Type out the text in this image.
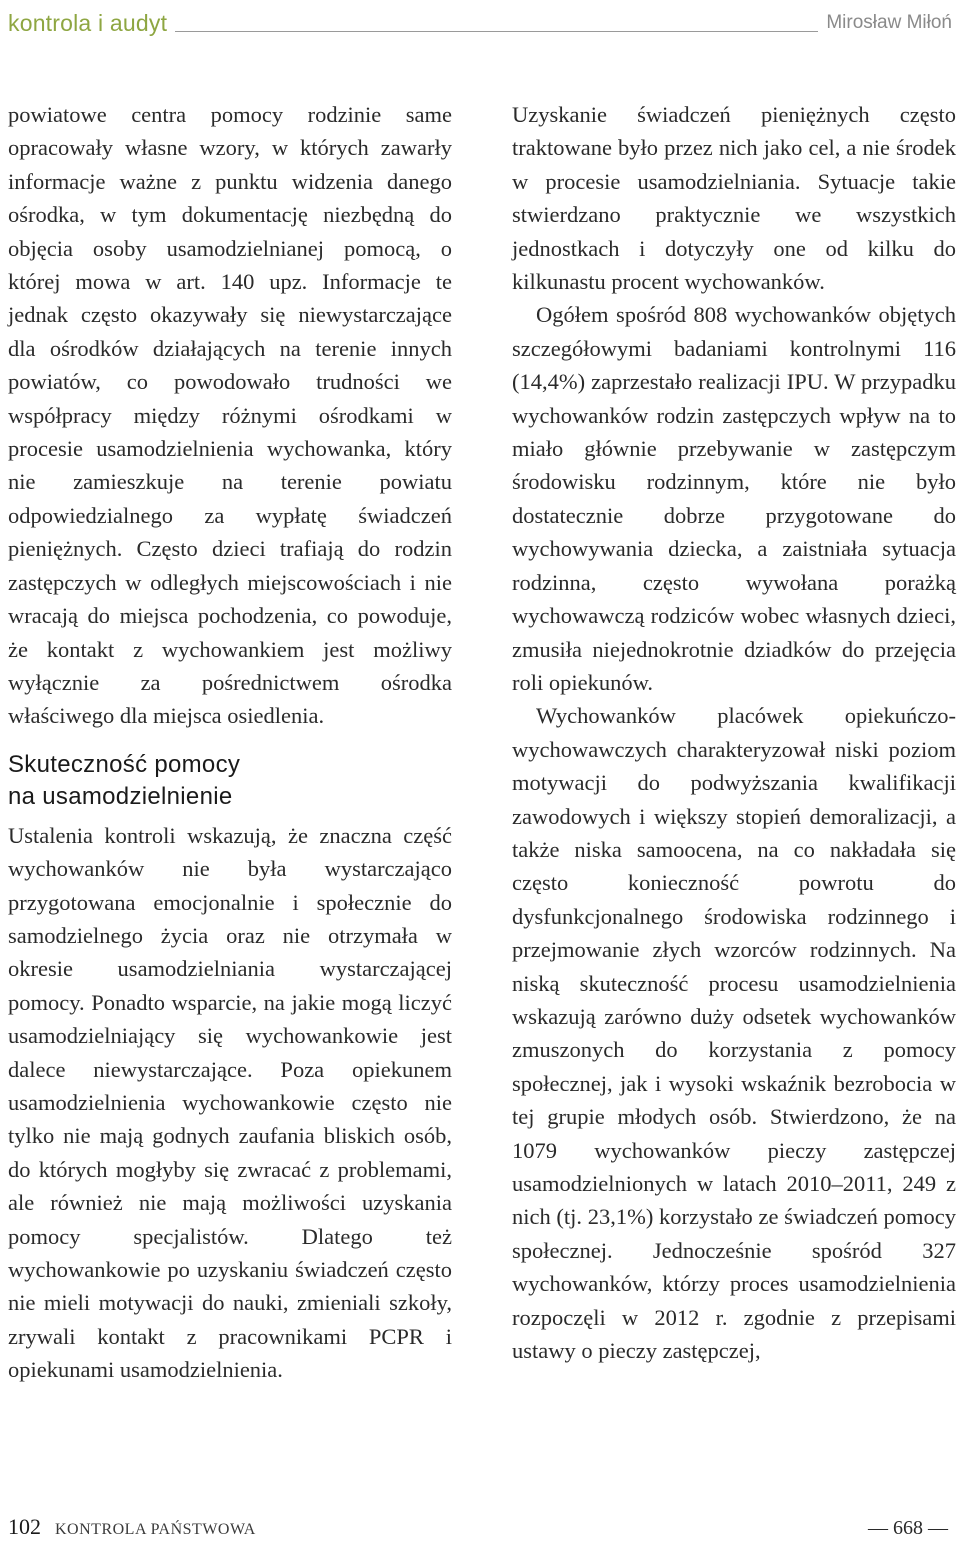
kontrola i audyt	Mirosław Miłoń

powiatowe centra pomocy rodzinie same opracowały własne wzory, w których zawarły informacje ważne z punktu widzenia danego ośrodka, w tym dokumentację niezbędną do objęcia osoby usamodzielnianej pomocą, o której mowa w art. 140 upz. Informacje te jednak często okazywały się niewystarczające dla ośrodków działających na terenie innych powiatów, co powodowało trudności we współpracy między różnymi ośrodkami w procesie usamodzielnienia wychowanka, który nie zamieszkuje na terenie powiatu odpowiedzialnego za wypłatę świadczeń pieniężnych. Często dzieci trafiają do rodzin zastępczych w odległych miejscowościach i nie wracają do miejsca pochodzenia, co powoduje, że kontakt z wychowankiem jest możliwy wyłącznie za pośrednictwem ośrodka właściwego dla miejsca osiedlenia.

Skuteczność pomocy
na usamodzielnienie

Ustalenia kontroli wskazują, że znaczna część wychowanków nie była wystarczająco przygotowana emocjonalnie i społecznie do samodzielnego życia oraz nie otrzymała w okresie usamodzielniania wystarczającej pomocy. Ponadto wsparcie, na jakie mogą liczyć usamodzielniający się wychowankowie jest dalece niewystarczające. Poza opiekunem usamodzielnienia wychowankowie często nie tylko nie mają godnych zaufania bliskich osób, do których mogłyby się zwracać z problemami, ale również nie mają możliwości uzyskania pomocy specjalistów. Dlatego też wychowankowie po uzyskaniu świadczeń często nie mieli motywacji do nauki, zmieniali szkoły, zrywali kontakt z pracownikami PCPR i opiekunami usamodzielnienia.

Uzyskanie świadczeń pieniężnych często traktowane było przez nich jako cel, a nie środek w procesie usamodzielniania. Sytuacje takie stwierdzano praktycznie we wszystkich jednostkach i dotyczyły one od kilku do kilkunastu procent wychowanków.

Ogółem spośród 808 wychowanków objętych szczegółowymi badaniami kontrolnymi 116 (14,4%) zaprzestało realizacji IPU. W przypadku wychowanków rodzin zastępczych wpływ na to miało głównie przebywanie w zastępczym środowisku rodzinnym, które nie było dostatecznie dobrze przygotowane do wychowywania dziecka, a zaistniała sytuacja rodzinna, często wywołana porażką wychowawczą rodziców wobec własnych dzieci, zmusiła niejednokrotnie dziadków do przejęcia roli opiekunów.

Wychowanków placówek opiekuńczo-wychowawczych charakteryzował niski poziom motywacji do podwyższania kwalifikacji zawodowych i większy stopień demoralizacji, a także niska samoocena, na co nakładała się często konieczność powrotu do dysfunkcjonalnego środowiska rodzinnego i przejmowanie złych wzorców rodzinnych. Na niską skuteczność procesu usamodzielnienia wskazują zarówno duży odsetek wychowanków zmuszonych do korzystania z pomocy społecznej, jak i wysoki wskaźnik bezrobocia w tej grupie młodych osób. Stwierdzono, że na 1079 wychowanków pieczy zastępczej usamodzielnionych w latach 2010–2011, 249 z nich (tj. 23,1%) korzystało ze świadczeń pomocy społecznej. Jednocześnie spośród 327 wychowanków, którzy proces usamodzielnienia rozpoczęli w 2012 r. zgodnie z przepisami ustawy o pieczy zastępczej,

102 KONTROLA PAŃSTWOWA	— 668 —
